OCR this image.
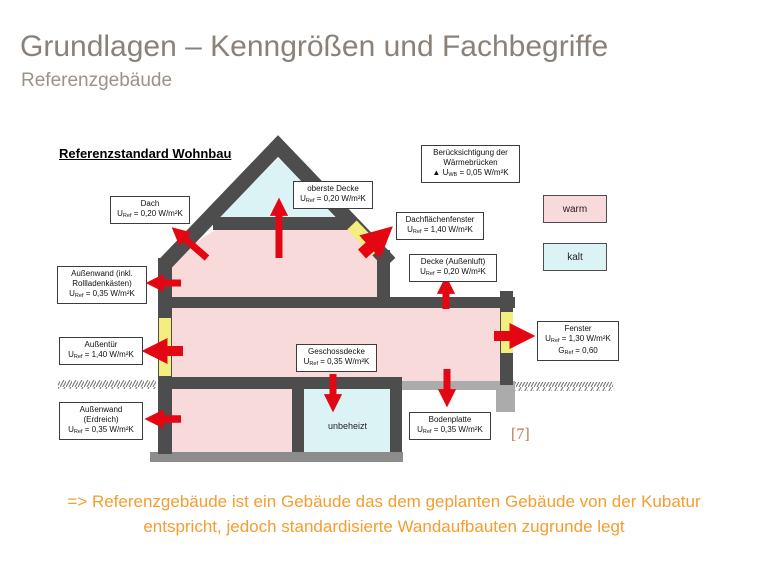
Grundlagen – Kenngrößen und Fachbegriffe
Referenzgebäude
Referenzstandard Wohnbau
Dach
$U_{Ref} = 0,20$ W/m²K
oberste Decke
$U_{Ref} = 0,20$ W/m²K
Berücksichtigung der
Wärmebrücken
▲ $U_{WB} = 0,05$ W/m²K
Dachflächenfenster
$U_{Ref} = 1,40$ W/m²K
Decke (Außenluft)
$U_{Ref} = 0,20$ W/m²K
Außenwand (inkl.
Rollladenkästen)
$U_{Ref} = 0,35$ W/m²K
Außentür
$U_{Ref} = 1,40$ W/m²K	Geschossdecke
$U_{Ref} = 0,35$ W/m²K
Fenster
$U_{Ref} = 1,30$ W/m²K
$G_{Ref} = 0,60$
Außenwand
(Erdreich)
$U_{Ref} = 0,35$ W/m²K
Bodenplatte
$U_{Ref} = 0,35$ W/m²K
warm
kalt
unbeheizt	[7]
=> Referenzgebäude ist ein Gebäude das dem geplanten Gebäude von der Kubatur
entspricht, jedoch standardisierte Wandaufbauten zugrunde legt
